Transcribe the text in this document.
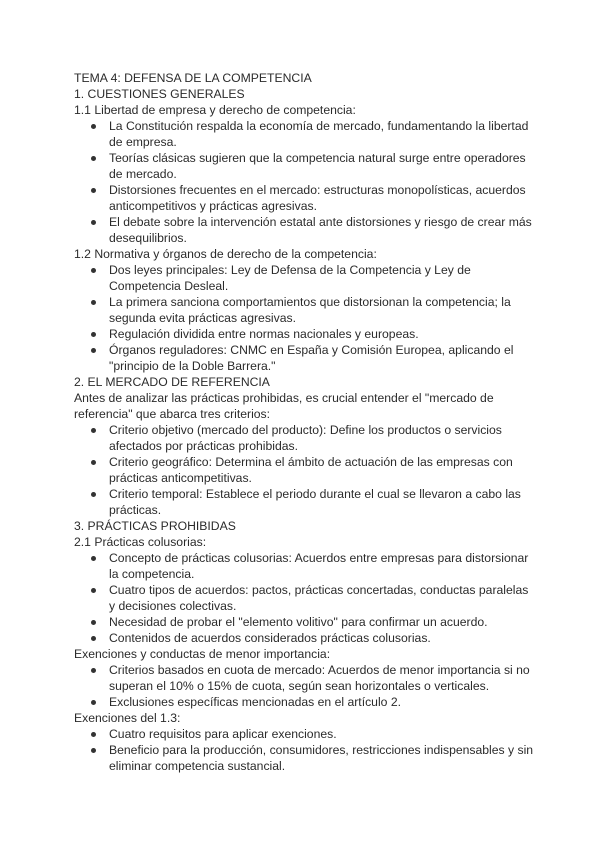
TEMA 4: DEFENSA DE LA COMPETENCIA

1. CUESTIONES GENERALES

1.1 Libertad de empresa y derecho de competencia:

La Constitución respalda la economía de mercado, fundamentando la libertad de empresa.
Teorías clásicas sugieren que la competencia natural surge entre operadores de mercado.
Distorsiones frecuentes en el mercado: estructuras monopolísticas, acuerdos anticompetitivos y prácticas agresivas.
El debate sobre la intervención estatal ante distorsiones y riesgo de crear más desequilibrios.

1.2 Normativa y órganos de derecho de la competencia:

Dos leyes principales: Ley de Defensa de la Competencia y Ley de Competencia Desleal.
La primera sanciona comportamientos que distorsionan la competencia; la segunda evita prácticas agresivas.
Regulación dividida entre normas nacionales y europeas.
Órganos reguladores: CNMC en España y Comisión Europea, aplicando el "principio de la Doble Barrera."

2. EL MERCADO DE REFERENCIA

Antes de analizar las prácticas prohibidas, es crucial entender el "mercado de referencia" que abarca tres criterios:

Criterio objetivo (mercado del producto): Define los productos o servicios afectados por prácticas prohibidas.
Criterio geográfico: Determina el ámbito de actuación de las empresas con prácticas anticompetitivas.
Criterio temporal: Establece el periodo durante el cual se llevaron a cabo las prácticas.

3. PRÁCTICAS PROHIBIDAS

2.1 Prácticas colusorias:

Concepto de prácticas colusorias: Acuerdos entre empresas para distorsionar la competencia.
Cuatro tipos de acuerdos: pactos, prácticas concertadas, conductas paralelas y decisiones colectivas.
Necesidad de probar el "elemento volitivo" para confirmar un acuerdo.
Contenidos de acuerdos considerados prácticas colusorias.

Exenciones y conductas de menor importancia:

Criterios basados en cuota de mercado: Acuerdos de menor importancia si no superan el 10% o 15% de cuota, según sean horizontales o verticales.
Exclusiones específicas mencionadas en el artículo 2.

Exenciones del 1.3:

Cuatro requisitos para aplicar exenciones.
Beneficio para la producción, consumidores, restricciones indispensables y sin eliminar competencia sustancial.
